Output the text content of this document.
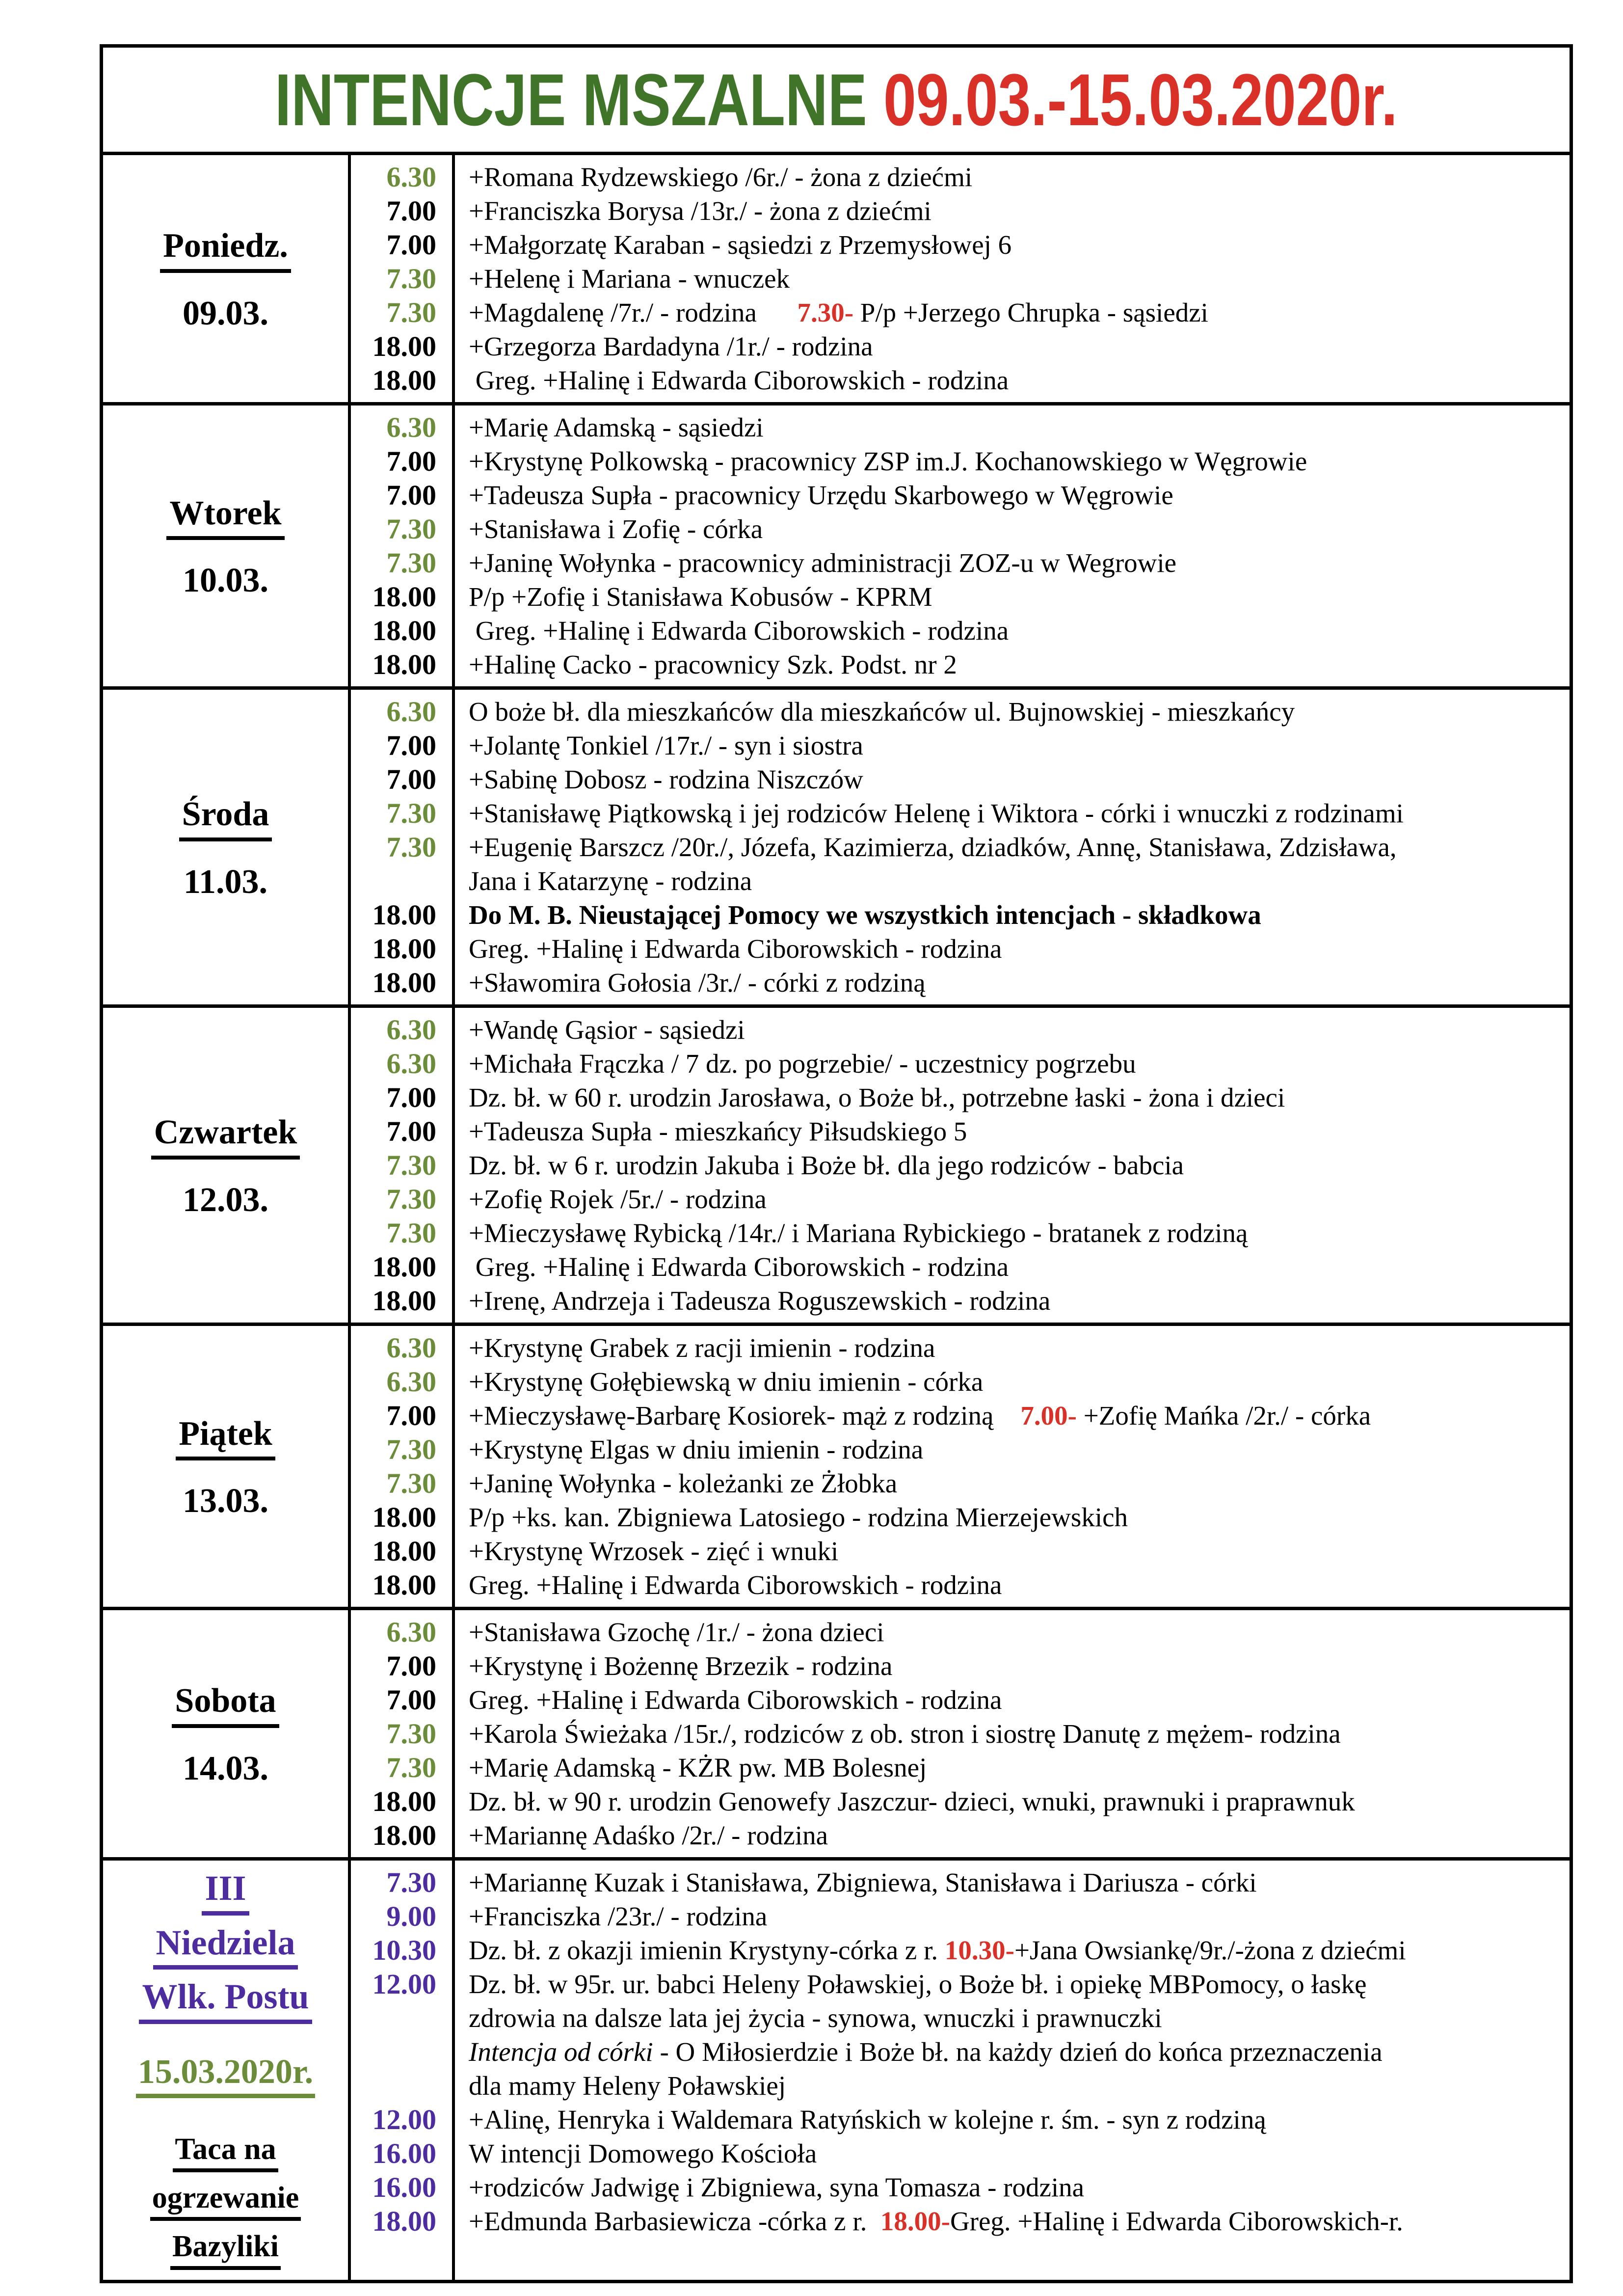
INTENCJE MSZALNE 09.03.-15.03.2020r.
Poniedz.
09.03.
6.30
7.00
7.00
7.30
7.30
18.00
18.00
+Romana Rydzewskiego /6r./ - żona z dziećmi
+Franciszka Borysa /13r./ - żona z dziećmi
+Małgorzatę Karaban - sąsiedzi z Przemysłowej 6
+Helenę i Mariana - wnuczek
+Magdalenę /7r./ - rodzina      7.30- P/p +Jerzego Chrupka - sąsiedzi
+Grzegorza Bardadyna /1r./ - rodzina
Greg. +Halinę i Edwarda Ciborowskich - rodzina
Wtorek
10.03.
6.30
7.00
7.00
7.30
7.30
18.00
18.00
18.00
+Marię Adamską - sąsiedzi
+Krystynę Polkowską - pracownicy ZSP im.J. Kochanowskiego w Węgrowie
+Tadeusza Supła - pracownicy Urzędu Skarbowego w Węgrowie
+Stanisława i Zofię - córka
+Janinę Wołynka - pracownicy administracji ZOZ-u w Wegrowie
P/p +Zofię i Stanisława Kobusów - KPRM
Greg. +Halinę i Edwarda Ciborowskich - rodzina
+Halinę Cacko - pracownicy Szk. Podst. nr 2
Środa
11.03.
6.30
7.00
7.00
7.30
7.30
18.00
18.00
18.00
O boże bł. dla mieszkańców dla mieszkańców ul. Bujnowskiej - mieszkańcy
+Jolantę Tonkiel /17r./ - syn i siostra
+Sabinę Dobosz - rodzina Niszczów
+Stanisławę Piątkowską i jej rodziców Helenę i Wiktora - córki i wnuczki z rodzinami
+Eugenię Barszcz /20r./, Józefa, Kazimierza, dziadków, Annę, Stanisława, Zdzisława,
Jana i Katarzynę - rodzina
Do M. B. Nieustającej Pomocy we wszystkich intencjach - składkowa
Greg. +Halinę i Edwarda Ciborowskich - rodzina
+Sławomira Gołosia /3r./ - córki z rodziną
Czwartek
12.03.
6.30
6.30
7.00
7.00
7.30
7.30
7.30
18.00
18.00
+Wandę Gąsior - sąsiedzi
+Michała Frączka / 7 dz. po pogrzebie/ - uczestnicy pogrzebu
Dz. bł. w 60 r. urodzin Jarosława, o Boże bł., potrzebne łaski - żona i dzieci
+Tadeusza Supła - mieszkańcy Piłsudskiego 5
Dz. bł. w 6 r. urodzin Jakuba i Boże bł. dla jego rodziców - babcia
+Zofię Rojek /5r./ - rodzina
+Mieczysławę Rybicką /14r./ i Mariana Rybickiego - bratanek z rodziną
Greg. +Halinę i Edwarda Ciborowskich - rodzina
+Irenę, Andrzeja i Tadeusza Roguszewskich - rodzina
Piątek
13.03.
6.30
6.30
7.00
7.30
7.30
18.00
18.00
18.00
+Krystynę Grabek z racji imienin - rodzina
+Krystynę Gołębiewską w dniu imienin - córka
+Mieczysławę-Barbarę Kosiorek- mąż z rodziną    7.00- +Zofię Mańka /2r./ - córka
+Krystynę Elgas w dniu imienin - rodzina
+Janinę Wołynka - koleżanki ze Żłobka
P/p +ks. kan. Zbigniewa Latosiego - rodzina Mierzejewskich
+Krystynę Wrzosek - zięć i wnuki
Greg. +Halinę i Edwarda Ciborowskich - rodzina
Sobota
14.03.
6.30
7.00
7.00
7.30
7.30
18.00
18.00
+Stanisława Gzochę /1r./ - żona dzieci
+Krystynę i Bożennę Brzezik - rodzina
Greg. +Halinę i Edwarda Ciborowskich - rodzina
+Karola Świeżaka /15r./, rodziców z ob. stron i siostrę Danutę z mężem- rodzina
+Marię Adamską - KŻR pw. MB Bolesnej
Dz. bł. w 90 r. urodzin Genowefy Jaszczur- dzieci, wnuki, prawnuki i praprawnuk
+Mariannę Adaśko /2r./ - rodzina
III
Niedziela
Wlk. Postu
15.03.2020r.
Taca na
ogrzewanie
Bazyliki
7.30
9.00
10.30
12.00
12.00
16.00
16.00
18.00
+Mariannę Kuzak i Stanisława, Zbigniewa, Stanisława i Dariusza - córki
+Franciszka /23r./ - rodzina
Dz. bł. z okazji imienin Krystyny-córka z r. 10.30-+Jana Owsiankę/9r./-żona z dziećmi
Dz. bł. w 95r. ur. babci Heleny Poławskiej, o Boże bł. i opiekę MBPomocy, o łaskę
zdrowia na dalsze lata jej życia - synowa, wnuczki i prawnuczki
Intencja od córki - O Miłosierdzie i Boże bł. na każdy dzień do końca przeznaczenia
dla mamy Heleny Poławskiej
+Alinę, Henryka i Waldemara Ratyńskich w kolejne r. śm. - syn z rodziną
W intencji Domowego Kościoła
+rodziców Jadwigę i Zbigniewa, syna Tomasza - rodzina
+Edmunda Barbasiewicza -córka z r.  18.00-Greg. +Halinę i Edwarda Ciborowskich-r.
